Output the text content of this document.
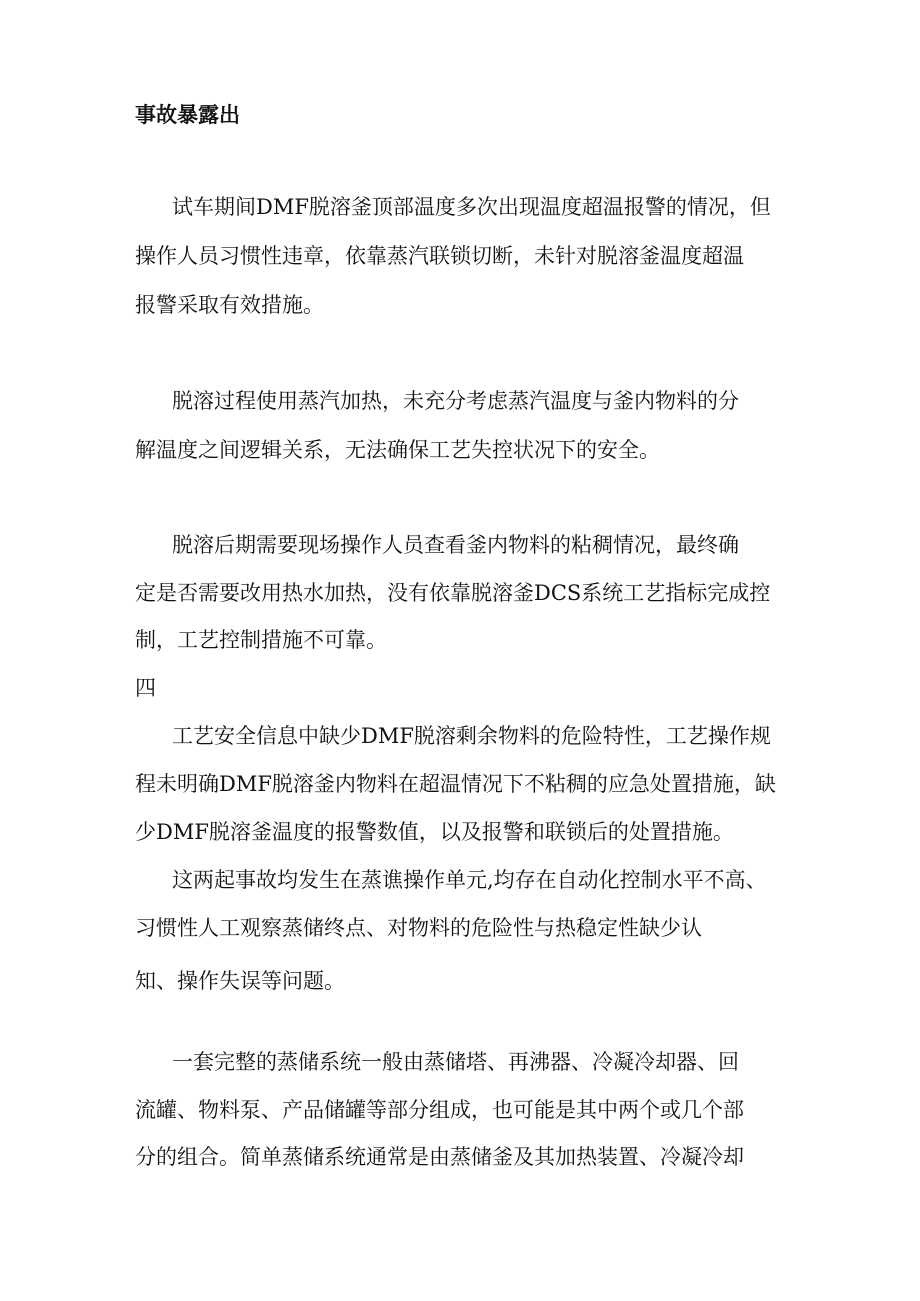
事故暴露出
试车期间DMF脱溶釜顶部温度多次出现温度超温报警的情况，但
操作人员习惯性违章，依靠蒸汽联锁切断，未针对脱溶釜温度超温
报警采取有效措施。
脱溶过程使用蒸汽加热，未充分考虑蒸汽温度与釜内物料的分
解温度之间逻辑关系，无法确保工艺失控状况下的安全。
脱溶后期需要现场操作人员查看釜内物料的粘稠情况，最终确
定是否需要改用热水加热，没有依靠脱溶釜DCS系统工艺指标完成控
制，工艺控制措施不可靠。
四
工艺安全信息中缺少DMF脱溶剩余物料的危险特性，工艺操作规
程未明确DMF脱溶釜内物料在超温情况下不粘稠的应急处置措施，缺
少DMF脱溶釜温度的报警数值，以及报警和联锁后的处置措施。
这两起事故均发生在蒸谯操作单元,均存在自动化控制水平不高、
习惯性人工观察蒸储终点、对物料的危险性与热稳定性缺少认
知、操作失误等问题。
一套完整的蒸储系统一般由蒸储塔、再沸器、冷凝冷却器、回
流罐、物料泵、产品储罐等部分组成，也可能是其中两个或几个部
分的组合。简单蒸储系统通常是由蒸储釜及其加热装置、冷凝冷却
